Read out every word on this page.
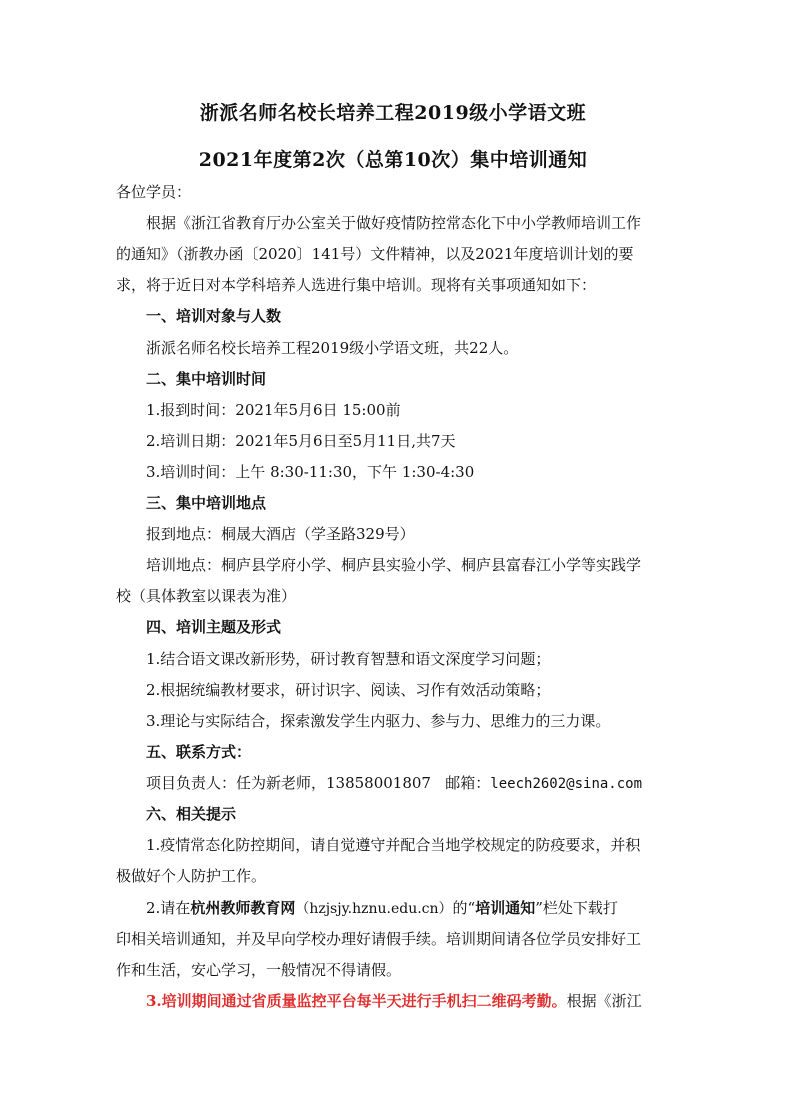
浙派名师名校长培养工程2019级小学语文班
2021年度第2次（总第10次）集中培训通知
各位学员：
根据《浙江省教育厅办公室关于做好疫情防控常态化下中小学教师培训工作
的通知》（浙教办函〔2020〕141号）文件精神，以及2021年度培训计划的要
求，将于近日对本学科培养人选进行集中培训。现将有关事项通知如下：
一、培训对象与人数
浙派名师名校长培养工程2019级小学语文班，共22人。
二、集中培训时间
1.报到时间：2021年5月6日 15:00前
2.培训日期：2021年5月6日至5月11日,共7天
3.培训时间：上午 8:30-11:30，下午 1:30-4:30
三、集中培训地点
报到地点：桐晟大酒店（学圣路329号）
培训地点：桐庐县学府小学、桐庐县实验小学、桐庐县富春江小学等实践学
校（具体教室以课表为准）
四、培训主题及形式
1.结合语文课改新形势，研讨教育智慧和语文深度学习问题；
2.根据统编教材要求，研讨识字、阅读、习作有效活动策略；
3.理论与实际结合，探索激发学生内驱力、参与力、思维力的三力课。
五、联系方式：
项目负责人：任为新老师，13858001807   邮箱：leech2602@sina.com
六、相关提示
1.疫情常态化防控期间，请自觉遵守并配合当地学校规定的防疫要求，并积
极做好个人防护工作。
2.请在杭州教师教育网（hzjsjy.hznu.edu.cn）的“培训通知”栏处下载打
印相关培训通知，并及早向学校办理好请假手续。培训期间请各位学员安排好工
作和生活，安心学习，一般情况不得请假。
3.培训期间通过省质量监控平台每半天进行手机扫二维码考勤。根据《浙江
